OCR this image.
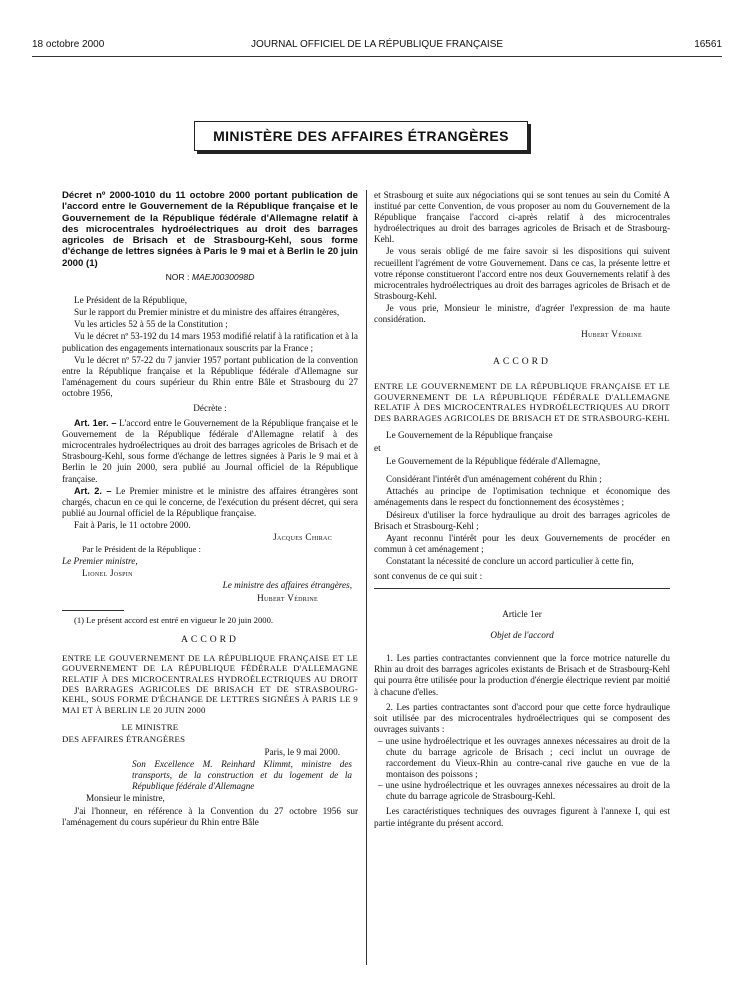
18 octobre 2000	JOURNAL OFFICIEL DE LA RÉPUBLIQUE FRANÇAISE	16561
MINISTÈRE DES AFFAIRES ÉTRANGÈRES

Décret nº 2000-1010 du 11 octobre 2000 portant publication de l'accord entre le Gouvernement de la République française et le Gouvernement de la République fédérale d'Allemagne relatif à des microcentrales hydroélectriques au droit des barrages agricoles de Brisach et de Strasbourg-Kehl, sous forme d'échange de lettres signées à Paris le 9 mai et à Berlin le 20 juin 2000 (1)

NOR : MAEJ0030098D

Le Président de la République,

Sur le rapport du Premier ministre et du ministre des affaires étrangères,

Vu les articles 52 à 55 de la Constitution ;

Vu le décret nº 53-192 du 14 mars 1953 modifié relatif à la ratification et à la publication des engagements internationaux souscrits par la France ;

Vu le décret nº 57-22 du 7 janvier 1957 portant publication de la convention entre la République française et la République fédérale d'Allemagne sur l'aménagement du cours supérieur du Rhin entre Bâle et Strasbourg du 27 octobre 1956,

Décrète :

Art. 1er. – L'accord entre le Gouvernement de la République française et le Gouvernement de la République fédérale d'Allemagne relatif à des microcentrales hydroélectriques au droit des barrages agricoles de Brisach et de Strasbourg-Kehl, sous forme d'échange de lettres signées à Paris le 9 mai et à Berlin le 20 juin 2000, sera publié au Journal officiel de la République française.

Art. 2. – Le Premier ministre et le ministre des affaires étrangères sont chargés, chacun en ce qui le concerne, de l'exécution du présent décret, qui sera publié au Journal officiel de la République française.

Fait à Paris, le 11 octobre 2000.

Jacques Chirac

Par le Président de la République :

Le Premier ministre,

Lionel Jospin

Le ministre des affaires étrangères,

Hubert Védrine

(1) Le présent accord est entré en vigueur le 20 juin 2000.

ACCORD

ENTRE LE GOUVERNEMENT DE LA RÉPUBLIQUE FRANÇAISE ET LE GOUVERNEMENT DE LA RÉPUBLIQUE FÉDÉRALE D'ALLEMAGNE RELATIF À DES MICROCENTRALES HYDROÉLECTRIQUES AU DROIT DES BARRAGES AGRICOLES DE BRISACH ET DE STRASBOURG-KEHL, SOUS FORME D'ÉCHANGE DE LETTRES SIGNÉES À PARIS LE 9 MAI ET À BERLIN LE 20 JUIN 2000

LE MINISTRE

DES AFFAIRES ÉTRANGÈRES

Paris, le 9 mai 2000.

Son Excellence M. Reinhard Klimmt, ministre des transports, de la construction et du logement de la République fédérale d'Allemagne

Monsieur le ministre,

J'ai l'honneur, en référence à la Convention du 27 octobre 1956 sur l'aménagement du cours supérieur du Rhin entre Bâle

et Strasbourg et suite aux négociations qui se sont tenues au sein du Comité A institué par cette Convention, de vous proposer au nom du Gouvernement de la République française l'accord ci-après relatif à des microcentrales hydroélectriques au droit des barrages agricoles de Brisach et de Strasbourg-Kehl.

Je vous serais obligé de me faire savoir si les dispositions qui suivent recueillent l'agrément de votre Gouvernement. Dans ce cas, la présente lettre et votre réponse constitueront l'accord entre nos deux Gouvernements relatif à des microcentrales hydroélectriques au droit des barrages agricoles de Brisach et de Strasbourg-Kehl.

Je vous prie, Monsieur le ministre, d'agréer l'expression de ma haute considération.

Hubert Védrine

ACCORD

ENTRE LE GOUVERNEMENT DE LA RÉPUBLIQUE FRANÇAISE ET LE GOUVERNEMENT DE LA RÉPUBLIQUE FÉDÉRALE D'ALLEMAGNE RELATIF À DES MICROCENTRALES HYDROÉLECTRIQUES AU DROIT DES BARRAGES AGRICOLES DE BRISACH ET DE STRASBOURG-KEHL

Le Gouvernement de la République française

et

Le Gouvernement de la République fédérale d'Allemagne,

Considérant l'intérêt d'un aménagement cohérent du Rhin ;

Attachés au principe de l'optimisation technique et économique des aménagements dans le respect du fonctionnement des écosystèmes ;

Désireux d'utiliser la force hydraulique au droit des barrages agricoles de Brisach et Strasbourg-Kehl ;

Ayant reconnu l'intérêt pour les deux Gouvernements de procéder en commun à cet aménagement ;

Constatant la nécessité de conclure un accord particulier à cette fin,

sont convenus de ce qui suit :

Article 1er

Objet de l'accord

1. Les parties contractantes conviennent que la force motrice naturelle du Rhin au droit des barrages agricoles existants de Brisach et de Strasbourg-Kehl qui pourra être utilisée pour la production d'énergie électrique revient par moitié à chacune d'elles.

2. Les parties contractantes sont d'accord pour que cette force hydraulique soit utilisée par des microcentrales hydroélectriques qui se composent des ouvrages suivants :

– une usine hydroélectrique et les ouvrages annexes nécessaires au droit de la chute du barrage agricole de Brisach ; ceci inclut un ouvrage de raccordement du Vieux-Rhin au contre-canal rive gauche en vue de la montaison des poissons ;
– une usine hydroélectrique et les ouvrages annexes nécessaires au droit de la chute du barrage agricole de Strasbourg-Kehl.

Les caractéristiques techniques des ouvrages figurent à l'annexe I, qui est partie intégrante du présent accord.
